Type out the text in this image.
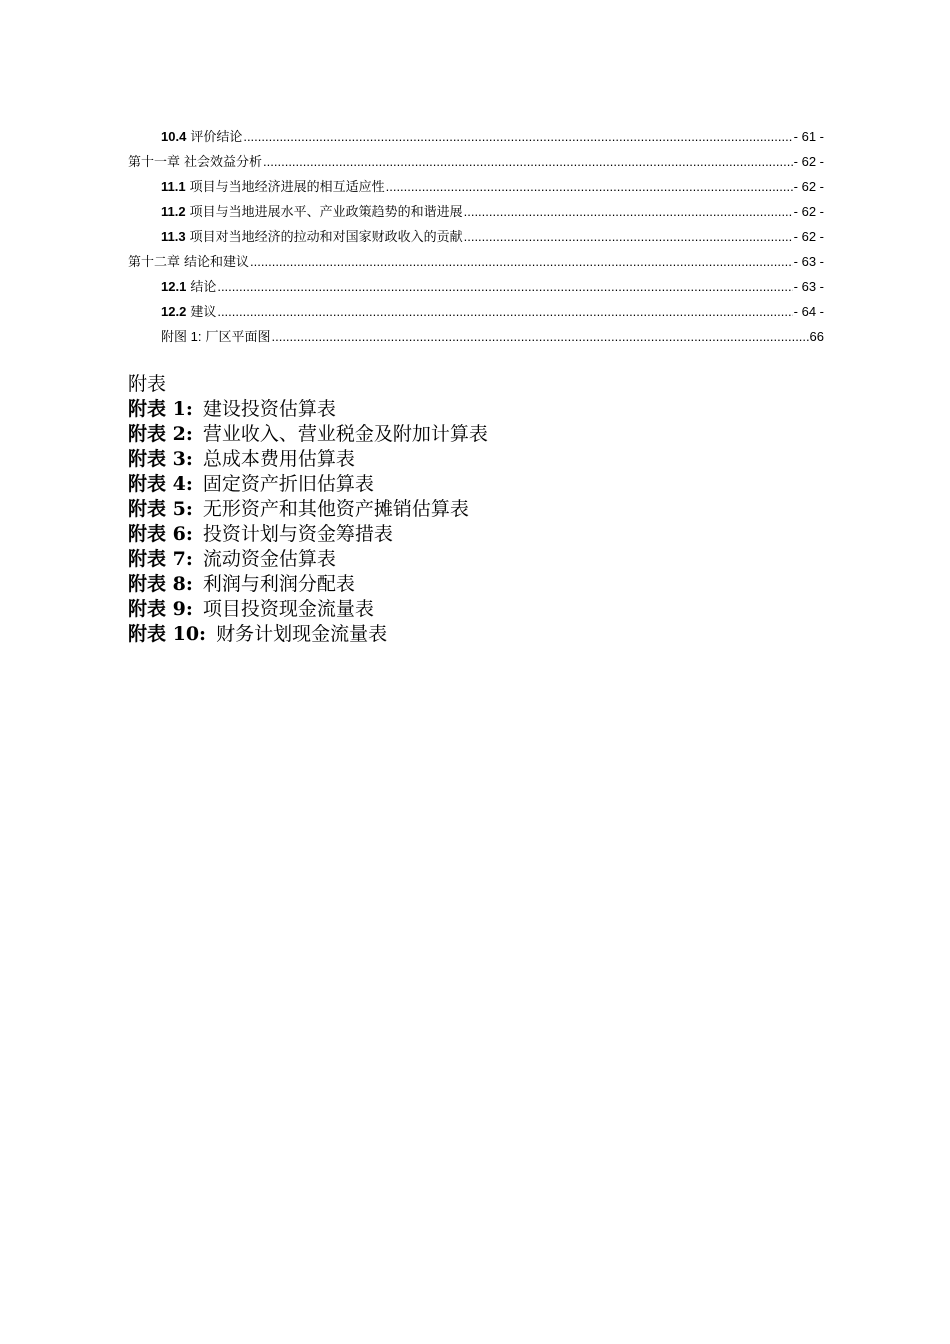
10.4 评价结论 .....	- 61 -
第十一章 社会效益分析 .....	- 62 -
11.1 项目与当地经济进展的相互适应性 .....	- 62 -
11.2 项目与当地进展水平、产业政策趋势的和谐进展 .....	- 62 -
11.3 项目对当地经济的拉动和对国家财政收入的贡献 .....	- 62 -
第十二章 结论和建议 .....	- 63 -
12.1 结论 .....	- 63 -
12.2 建议 .....	- 64 -
附图 1: 厂区平面图 .....	66
附表
附表 1: 建设投资估算表
附表 2: 营业收入、营业税金及附加计算表
附表 3: 总成本费用估算表
附表 4: 固定资产折旧估算表
附表 5: 无形资产和其他资产摊销估算表
附表 6: 投资计划与资金筹措表
附表 7: 流动资金估算表
附表 8: 利润与利润分配表
附表 9: 项目投资现金流量表
附表 10: 财务计划现金流量表
